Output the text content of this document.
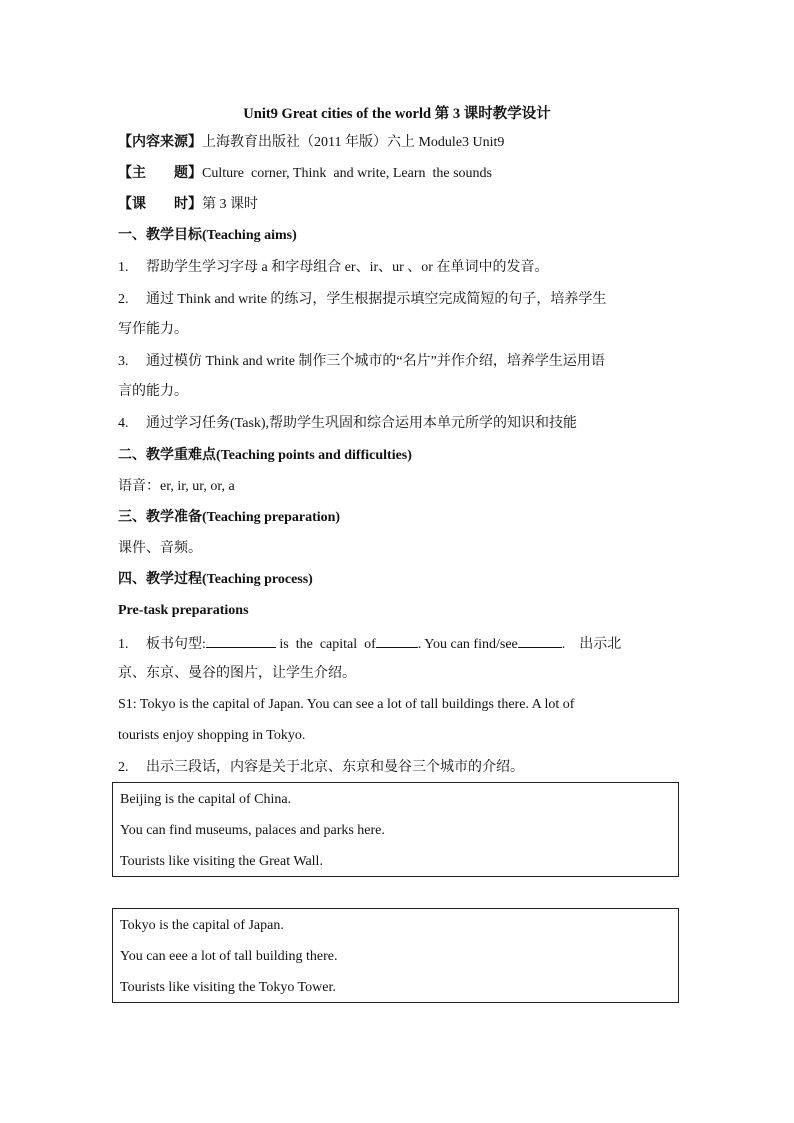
Unit9 Great cities of the world 第 3 课时教学设计
【内容来源】上海教育出版社（2011 年版）六上 Module3 Unit9
【主        题】Culture  corner, Think  and write, Learn  the sounds
【课        时】第 3 课时
一、教学目标(Teaching aims)
1. 帮助学生学习字母 a 和字母组合 er、ir、ur 、or 在单词中的发音。
2. 通过 Think and write 的练习，学生根据提示填空完成简短的句子，培养学生
写作能力。
3. 通过模仿 Think and write 制作三个城市的“名片”并作介绍，培养学生运用语
言的能力。
4. 通过学习任务(Task),帮助学生巩固和综合运用本单元所学的知识和技能
二、教学重难点(Teaching points and difficulties)
语音：er, ir, ur, or, a
三、教学准备(Teaching preparation)
课件、音频。
四、教学过程(Teaching process)
Pre-task preparations
1. 板书句型:	is  the  capital  of	. You can find/see	.    出示北
京、东京、曼谷的图片，让学生介绍。
S1: Tokyo is the capital of Japan. You can see a lot of tall buildings there. A lot of
tourists enjoy shopping in Tokyo.
2. 出示三段话，内容是关于北京、东京和曼谷三个城市的介绍。
Beijing is the capital of China.
You can find museums, palaces and parks here.
Tourists like visiting the Great Wall.
Tokyo is the capital of Japan.
You can eee a lot of tall building there.
Tourists like visiting the Tokyo Tower.
